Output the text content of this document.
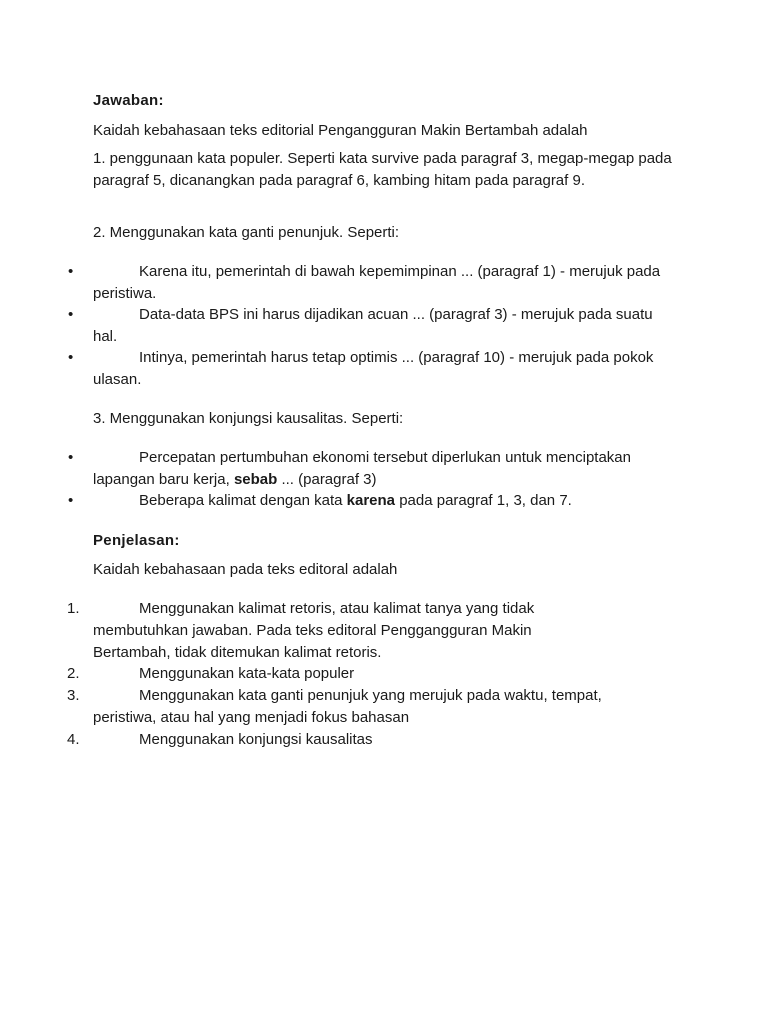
Jawaban:
Kaidah kebahasaan teks editorial Pengangguran Makin Bertambah adalah
1. penggunaan kata populer. Seperti kata survive pada paragraf 3, megap-megap pada paragraf 5, dicanangkan pada paragraf 6, kambing hitam pada paragraf 9.
2. Menggunakan kata ganti penunjuk. Seperti:
•	Karena itu, pemerintah di bawah kepemimpinan ... (paragraf 1) - merujuk pada peristiwa.
•	Data-data BPS ini harus dijadikan acuan ... (paragraf 3) - merujuk pada suatu hal.
•	Intinya, pemerintah harus tetap optimis ... (paragraf 10) - merujuk pada pokok ulasan.
3. Menggunakan konjungsi kausalitas. Seperti:
•	Percepatan pertumbuhan ekonomi tersebut diperlukan untuk menciptakan lapangan baru kerja, sebab ... (paragraf 3)
•	Beberapa kalimat dengan kata karena pada paragraf 1, 3, dan 7.
Penjelasan:
Kaidah kebahasaan pada teks editoral adalah
1.	Menggunakan kalimat retoris, atau kalimat tanya yang tidak membutuhkan jawaban. Pada teks editoral Penggangguran Makin Bertambah, tidak ditemukan kalimat retoris.
2.	Menggunakan kata-kata populer
3.	Menggunakan kata ganti penunjuk yang merujuk pada waktu, tempat, peristiwa, atau hal yang menjadi fokus bahasan
4.	Menggunakan konjungsi kausalitas
